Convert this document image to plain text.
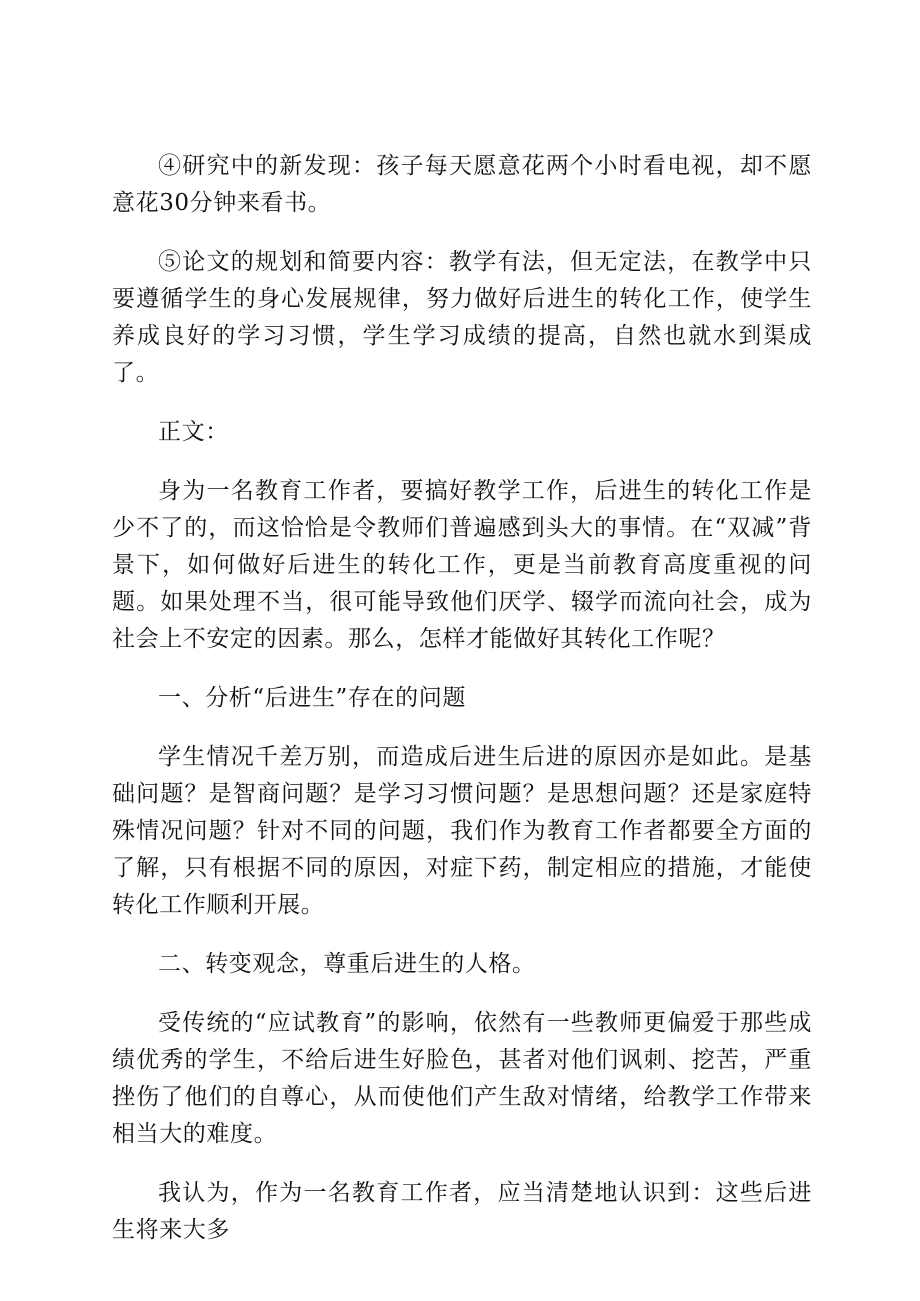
④研究中的新发现：孩子每天愿意花两个小时看电视，却不愿意花30分钟来看书。

⑤论文的规划和简要内容：教学有法，但无定法，在教学中只要遵循学生的身心发展规律，努力做好后进生的转化工作，使学生养成良好的学习习惯，学生学习成绩的提高，自然也就水到渠成了。

正文：

身为一名教育工作者，要搞好教学工作，后进生的转化工作是少不了的，而这恰恰是令教师们普遍感到头大的事情。在“双减”背景下，如何做好后进生的转化工作，更是当前教育高度重视的问题。如果处理不当，很可能导致他们厌学、辍学而流向社会，成为社会上不安定的因素。那么，怎样才能做好其转化工作呢？

一、分析“后进生”存在的问题

学生情况千差万别，而造成后进生后进的原因亦是如此。是基础问题？是智商问题？是学习习惯问题？是思想问题？还是家庭特殊情况问题？针对不同的问题，我们作为教育工作者都要全方面的了解，只有根据不同的原因，对症下药，制定相应的措施，才能使转化工作顺利开展。

二、转变观念，尊重后进生的人格。

受传统的“应试教育”的影响，依然有一些教师更偏爱于那些成绩优秀的学生，不给后进生好脸色，甚者对他们讽刺、挖苦，严重挫伤了他们的自尊心，从而使他们产生敌对情绪，给教学工作带来相当大的难度。

我认为，作为一名教育工作者，应当清楚地认识到：这些后进生将来大多
